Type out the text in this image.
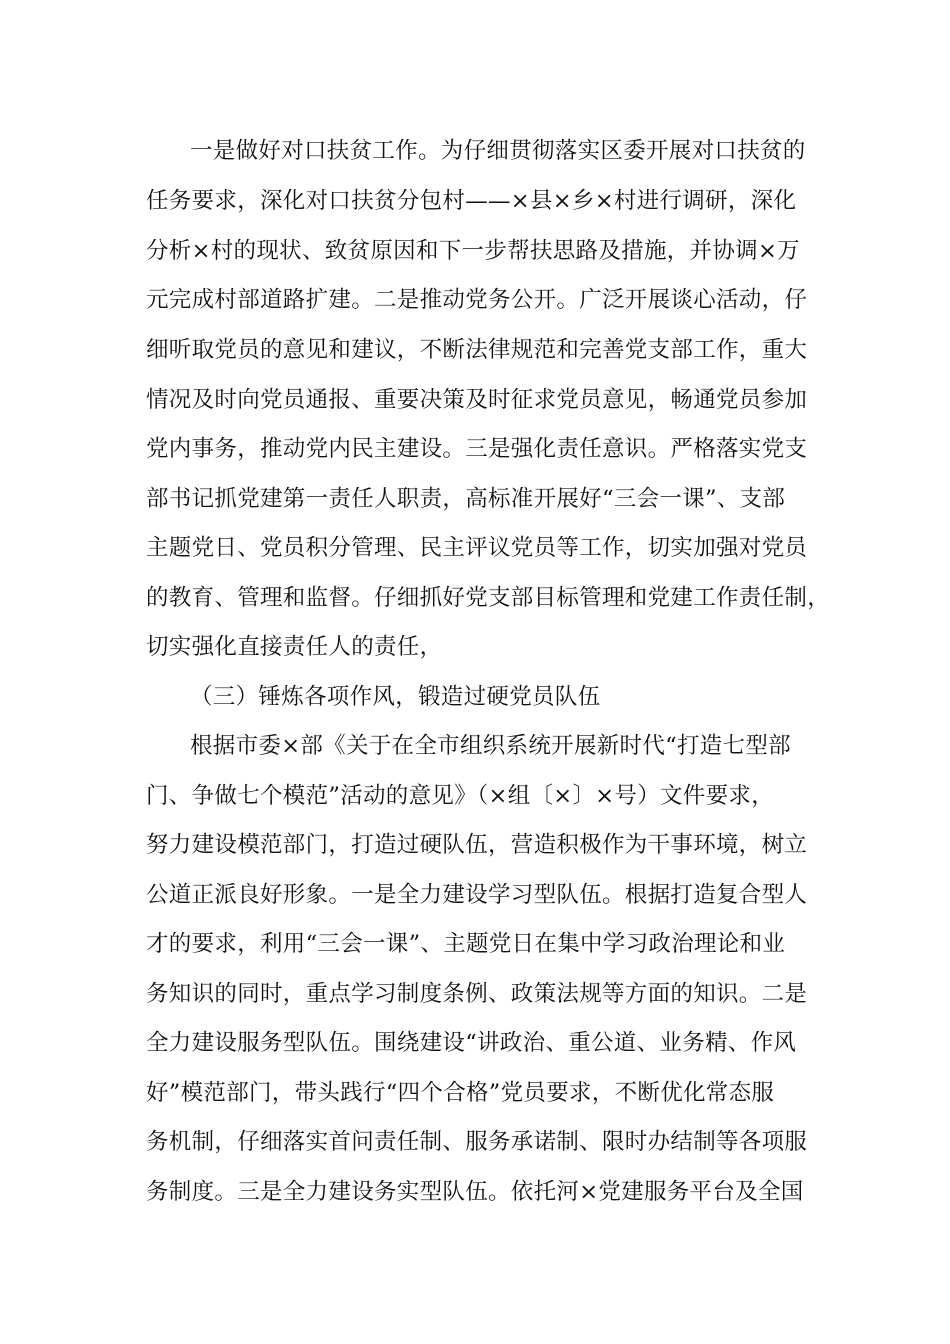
一是做好对口扶贫工作。为仔细贯彻落实区委开展对口扶贫的
任务要求，深化对口扶贫分包村——×县×乡×村进行调研，深化
分析×村的现状、致贫原因和下一步帮扶思路及措施，并协调×万
元完成村部道路扩建。二是推动党务公开。广泛开展谈心活动，仔
细听取党员的意见和建议，不断法律规范和完善党支部工作，重大
情况及时向党员通报、重要决策及时征求党员意见，畅通党员参加
党内事务，推动党内民主建设。三是强化责任意识。严格落实党支
部书记抓党建第一责任人职责，高标准开展好“三会一课”、支部
主题党日、党员积分管理、民主评议党员等工作，切实加强对党员
的教育、管理和监督。仔细抓好党支部目标管理和党建工作责任制，
切实强化直接责任人的责任，
（三）锤炼各项作风，锻造过硬党员队伍
根据市委×部《关于在全市组织系统开展新时代“打造七型部
门、争做七个模范”活动的意见》（×组〔×〕×号）文件要求，
努力建设模范部门，打造过硬队伍，营造积极作为干事环境，树立
公道正派良好形象。一是全力建设学习型队伍。根据打造复合型人
才的要求，利用“三会一课”、主题党日在集中学习政治理论和业
务知识的同时，重点学习制度条例、政策法规等方面的知识。二是
全力建设服务型队伍。围绕建设“讲政治、重公道、业务精、作风
好”模范部门，带头践行“四个合格”党员要求，不断优化常态服
务机制，仔细落实首问责任制、服务承诺制、限时办结制等各项服
务制度。三是全力建设务实型队伍。依托河×党建服务平台及全国
